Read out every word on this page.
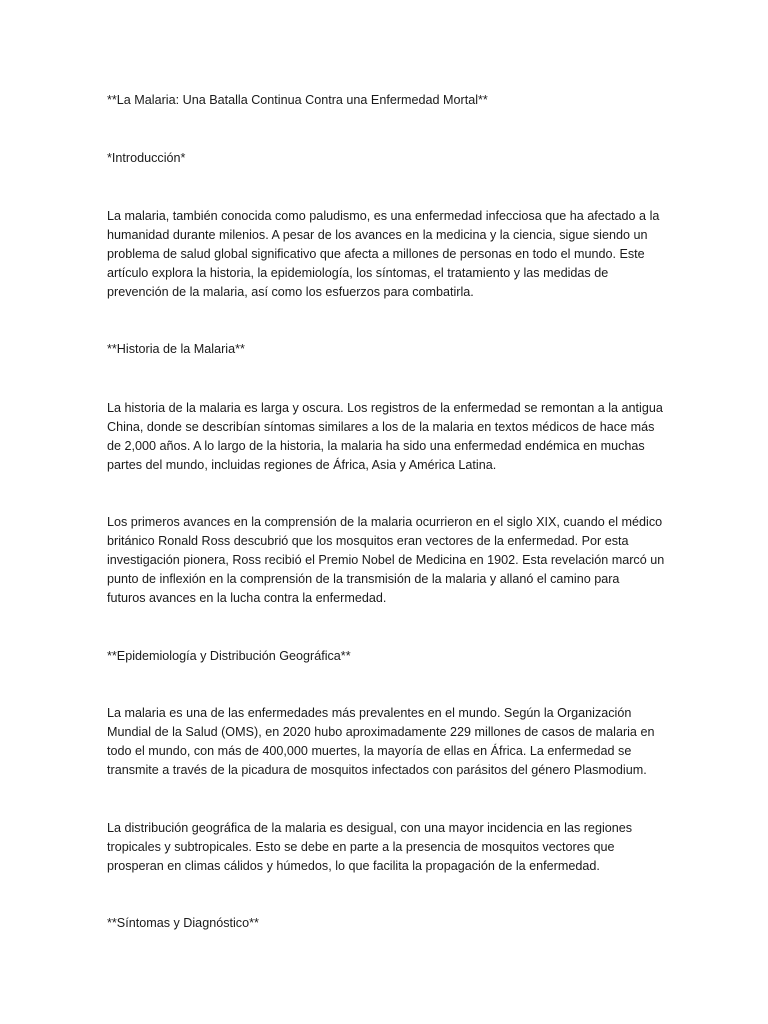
**La Malaria: Una Batalla Continua Contra una Enfermedad Mortal**

*Introducción*

La malaria, también conocida como paludismo, es una enfermedad infecciosa que ha afectado a la
humanidad durante milenios. A pesar de los avances en la medicina y la ciencia, sigue siendo un
problema de salud global significativo que afecta a millones de personas en todo el mundo. Este
artículo explora la historia, la epidemiología, los síntomas, el tratamiento y las medidas de
prevención de la malaria, así como los esfuerzos para combatirla.

**Historia de la Malaria**

La historia de la malaria es larga y oscura. Los registros de la enfermedad se remontan a la antigua
China, donde se describían síntomas similares a los de la malaria en textos médicos de hace más
de 2,000 años. A lo largo de la historia, la malaria ha sido una enfermedad endémica en muchas
partes del mundo, incluidas regiones de África, Asia y América Latina.

Los primeros avances en la comprensión de la malaria ocurrieron en el siglo XIX, cuando el médico
británico Ronald Ross descubrió que los mosquitos eran vectores de la enfermedad. Por esta
investigación pionera, Ross recibió el Premio Nobel de Medicina en 1902. Esta revelación marcó un
punto de inflexión en la comprensión de la transmisión de la malaria y allanó el camino para
futuros avances en la lucha contra la enfermedad.

**Epidemiología y Distribución Geográfica**

La malaria es una de las enfermedades más prevalentes en el mundo. Según la Organización
Mundial de la Salud (OMS), en 2020 hubo aproximadamente 229 millones de casos de malaria en
todo el mundo, con más de 400,000 muertes, la mayoría de ellas en África. La enfermedad se
transmite a través de la picadura de mosquitos infectados con parásitos del género Plasmodium.

La distribución geográfica de la malaria es desigual, con una mayor incidencia en las regiones
tropicales y subtropicales. Esto se debe en parte a la presencia de mosquitos vectores que
prosperan en climas cálidos y húmedos, lo que facilita la propagación de la enfermedad.

**Síntomas y Diagnóstico**
